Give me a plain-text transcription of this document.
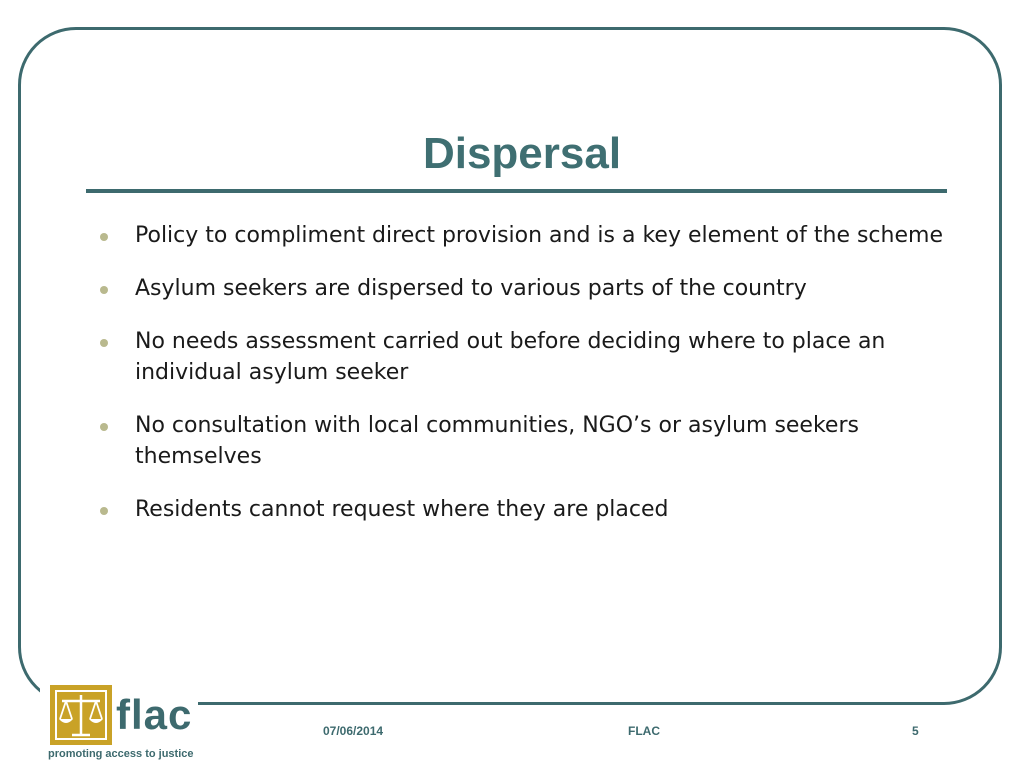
Dispersal
Policy to compliment direct provision and is a key element of the scheme
Asylum seekers are dispersed to various parts of the country
No needs assessment carried out before deciding where to place an individual asylum seeker
No consultation with local communities, NGO’s or asylum seekers themselves
Residents cannot request where they are placed
flac
promoting access to justice
07/06/2014	FLAC	5
